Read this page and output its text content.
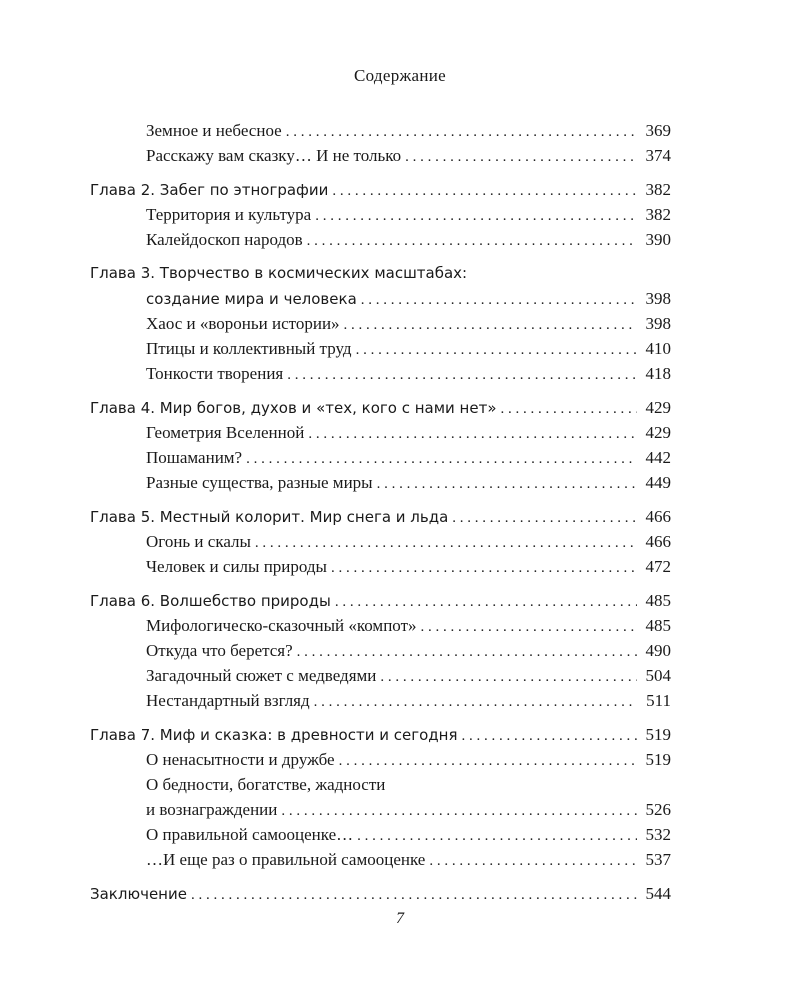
Содержание
Земное и небесное . . .	369
Расскажу вам сказку… И не только . . .	374
Глава 2. Забег по этнографии . . .	382
Территория и культура . . .	382
Калейдоскоп народов . . .	390
Глава 3. Творчество в космических масштабах:
создание мира и человека . . .	398
Хаос и «вороньи истории» . . .	398
Птицы и коллективный труд . . .	410
Тонкости творения . . .	418
Глава 4. Мир богов, духов и «тех, кого с нами нет» . . .	429
Геометрия Вселенной . . .	429
Пошаманим? . . .	442
Разные существа, разные миры . . .	449
Глава 5. Местный колорит. Мир снега и льда . . .	466
Огонь и скалы . . .	466
Человек и силы природы . . .	472
Глава 6. Волшебство природы . . .	485
Мифологическо-сказочный «компот» . . .	485
Откуда что берется? . . .	490
Загадочный сюжет с медведями . . .	504
Нестандартный взгляд . . .	511
Глава 7. Миф и сказка: в древности и сегодня . . .	519
О ненасытности и дружбе . . .	519
О бедности, богатстве, жадности
и вознаграждении . . .	526
О правильной самооценке… . . .	532
…И еще раз о правильной самооценке . . .	537
Заключение . . .	544
7
